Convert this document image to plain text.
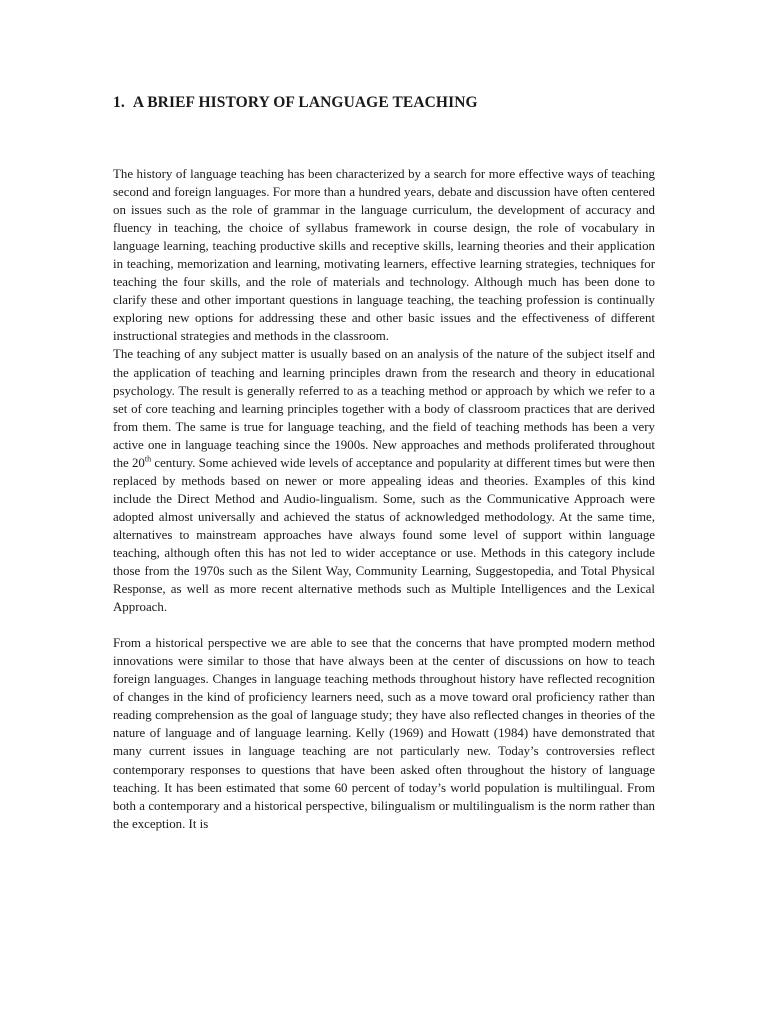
1. A BRIEF HISTORY OF LANGUAGE TEACHING

The history of language teaching has been characterized by a search for more effective ways of teaching second and foreign languages. For more than a hundred years, debate and discussion have often centered on issues such as the role of grammar in the language curriculum, the development of accuracy and fluency in teaching, the choice of syllabus framework in course design, the role of vocabulary in language learning, teaching productive skills and receptive skills, learning theories and their application in teaching, memorization and learning, motivating learners, effective learning strategies, techniques for teaching the four skills, and the role of materials and technology. Although much has been done to clarify these and other important questions in language teaching, the teaching profession is continually exploring new options for addressing these and other basic issues and the effectiveness of different instructional strategies and methods in the classroom.

The teaching of any subject matter is usually based on an analysis of the nature of the subject itself and the application of teaching and learning principles drawn from the research and theory in educational psychology. The result is generally referred to as a teaching method or approach by which we refer to a set of core teaching and learning principles together with a body of classroom practices that are derived from them. The same is true for language teaching, and the field of teaching methods has been a very active one in language teaching since the 1900s. New approaches and methods proliferated throughout the 20th century. Some achieved wide levels of acceptance and popularity at different times but were then replaced by methods based on newer or more appealing ideas and theories. Examples of this kind include the Direct Method and Audio-lingualism. Some, such as the Communicative Approach were adopted almost universally and achieved the status of acknowledged methodology. At the same time, alternatives to mainstream approaches have always found some level of support within language teaching, although often this has not led to wider acceptance or use. Methods in this category include those from the 1970s such as the Silent Way, Community Learning, Suggestopedia, and Total Physical Response, as well as more recent alternative methods such as Multiple Intelligences and the Lexical Approach.

From a historical perspective we are able to see that the concerns that have prompted modern method innovations were similar to those that have always been at the center of discussions on how to teach foreign languages. Changes in language teaching methods throughout history have reflected recognition of changes in the kind of proficiency learners need, such as a move toward oral proficiency rather than reading comprehension as the goal of language study; they have also reflected changes in theories of the nature of language and of language learning. Kelly (1969) and Howatt (1984) have demonstrated that many current issues in language teaching are not particularly new. Today’s controversies reflect contemporary responses to questions that have been asked often throughout the history of language teaching. It has been estimated that some 60 percent of today’s world population is multilingual. From both a contemporary and a historical perspective, bilingualism or multilingualism is the norm rather than the exception. It is
